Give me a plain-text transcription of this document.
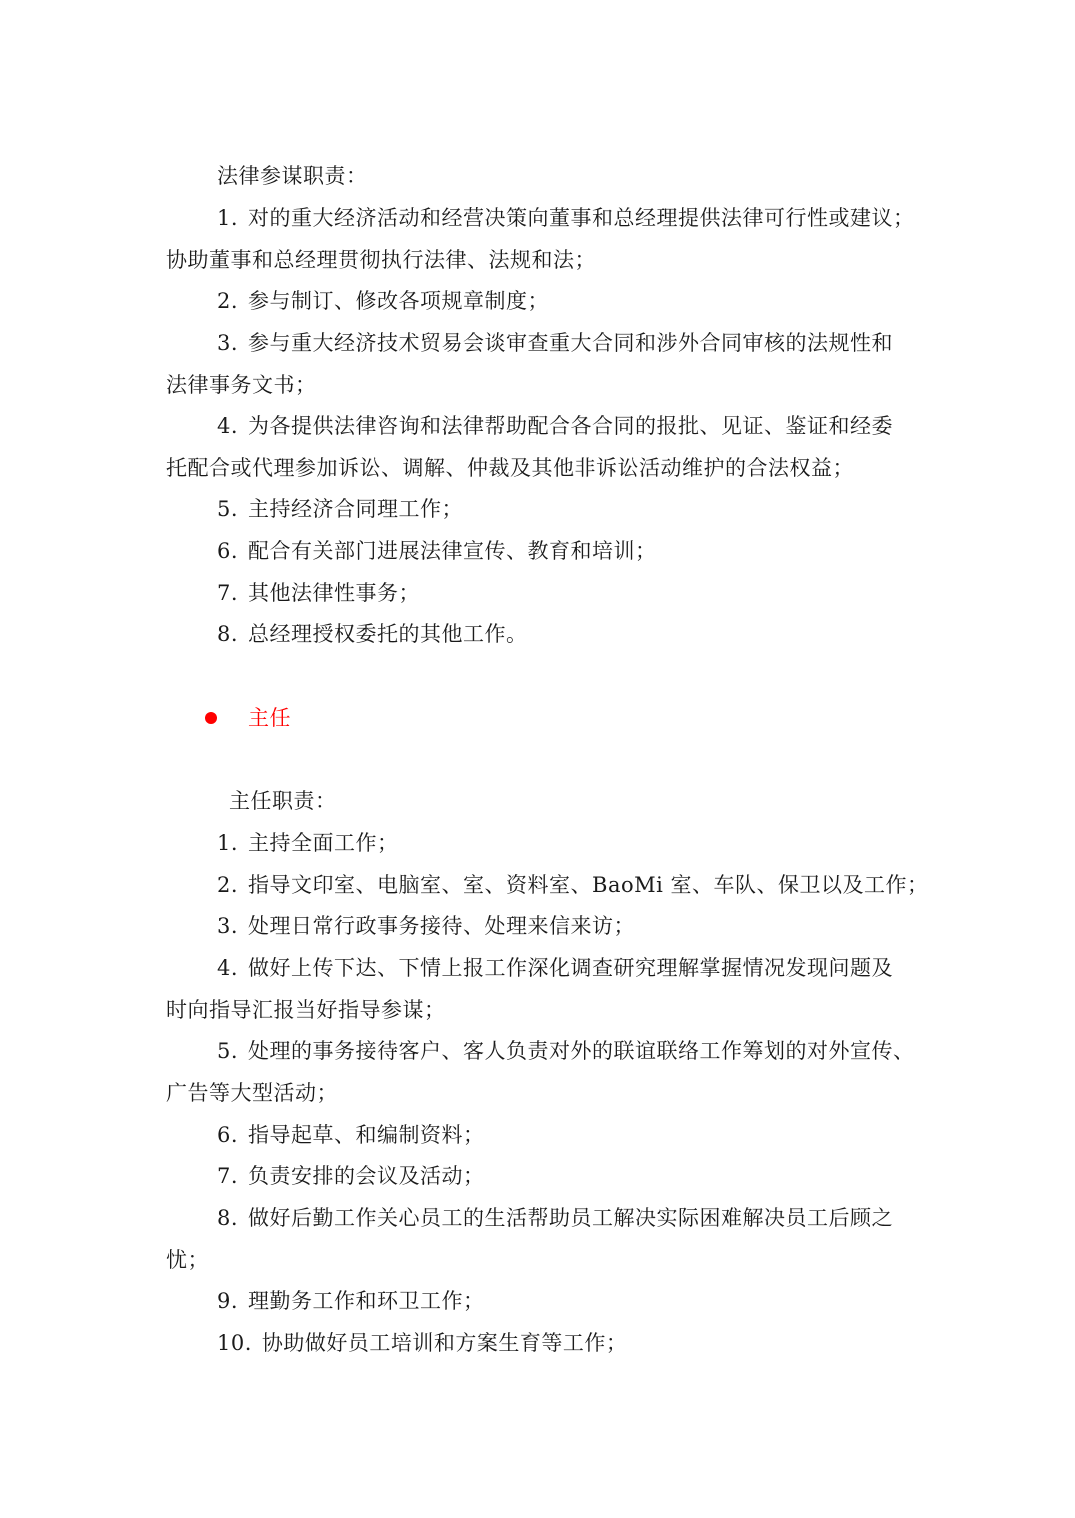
法律参谋职责：
1. 对的重大经济活动和经营决策向董事和总经理提供法律可行性或建议；
协助董事和总经理贯彻执行法律、法规和法；
2. 参与制订、修改各项规章制度；
3. 参与重大经济技术贸易会谈审查重大合同和涉外合同审核的法规性和
法律事务文书；
4. 为各提供法律咨询和法律帮助配合各合同的报批、见证、鉴证和经委
托配合或代理参加诉讼、调解、仲裁及其他非诉讼活动维护的合法权益；
5. 主持经济合同理工作；
6. 配合有关部门进展法律宣传、教育和培训；
7. 其他法律性事务；
8. 总经理授权委托的其他工作。
主任
主任职责：
1. 主持全面工作；
2. 指导文印室、电脑室、室、资料室、BaoMi 室、车队、保卫以及工作；
3. 处理日常行政事务接待、处理来信来访；
4. 做好上传下达、下情上报工作深化调查研究理解掌握情况发现问题及
时向指导汇报当好指导参谋；
5. 处理的事务接待客户、客人负责对外的联谊联络工作筹划的对外宣传、
广告等大型活动；
6. 指导起草、和编制资料；
7. 负责安排的会议及活动；
8. 做好后勤工作关心员工的生活帮助员工解决实际困难解决员工后顾之
忧；
9. 理勤务工作和环卫工作；
10. 协助做好员工培训和方案生育等工作；
